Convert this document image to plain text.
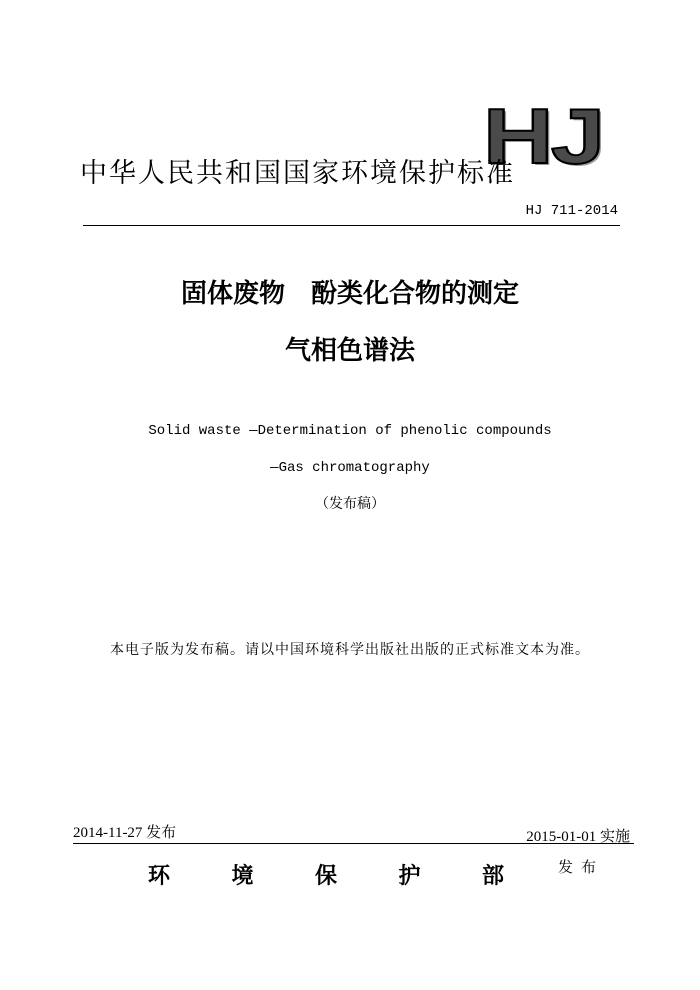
HJ
中华人民共和国国家环境保护标准
HJ 711-2014
固体废物　酚类化合物的测定
气相色谱法
Solid waste —Determination of phenolic compounds
—Gas chromatography
（发布稿）
本电子版为发布稿。请以中国环境科学出版社出版的正式标准文本为准。
2014-11-27 发布	2015-01-01 实施
环	境	保	护	部	发布
